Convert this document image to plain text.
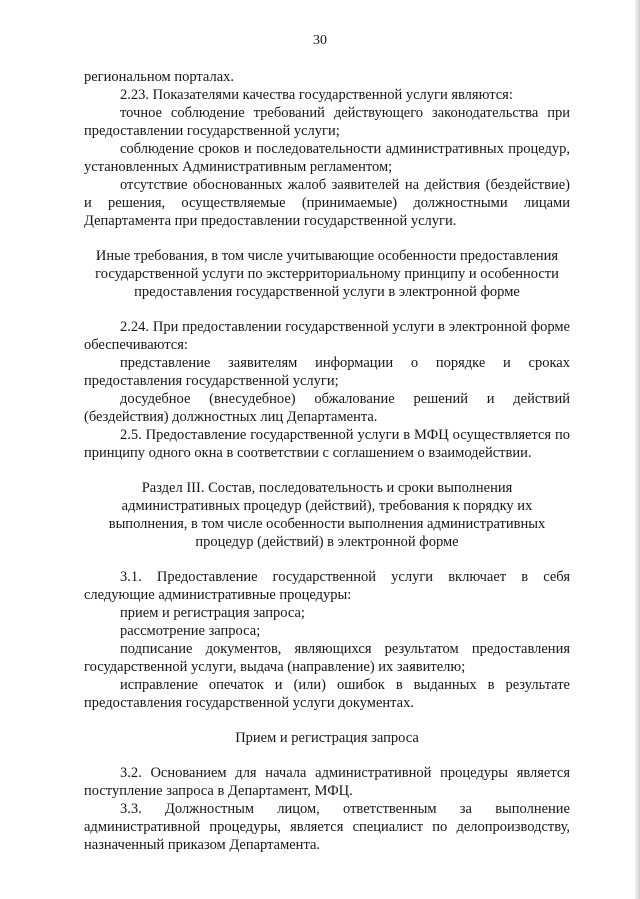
30

региональном порталах.

2.23. Показателями качества государственной услуги являются:

точное соблюдение требований действующего законодательства при предоставлении государственной услуги;

соблюдение сроков и последовательности административных процедур, установленных Административным регламентом;

отсутствие обоснованных жалоб заявителей на действия (бездействие) и решения, осуществляемые (принимаемые) должностными лицами Департамента при предоставлении государственной услуги.

Иные требования, в том числе учитывающие особенности предоставления государственной услуги по экстерриториальному принципу и особенности предоставления государственной услуги в электронной форме

2.24. При предоставлении государственной услуги в электронной форме обеспечиваются:

представление заявителям информации о порядке и сроках предоставления государственной услуги;

досудебное (внесудебное) обжалование решений и действий (бездействия) должностных лиц Департамента.

2.5. Предоставление государственной услуги в МФЦ осуществляется по принципу одного окна в соответствии с соглашением о взаимодействии.

Раздел III. Состав, последовательность и сроки выполнения административных процедур (действий), требования к порядку их выполнения, в том числе особенности выполнения административных процедур (действий) в электронной форме

3.1. Предоставление государственной услуги включает в себя следующие административные процедуры:

прием и регистрация запроса;

рассмотрение запроса;

подписание документов, являющихся результатом предоставления государственной услуги, выдача (направление) их заявителю;

исправление опечаток и (или) ошибок в выданных в результате предоставления государственной услуги документах.

Прием и регистрация запроса

3.2. Основанием для начала административной процедуры является поступление запроса в Департамент, МФЦ.

3.3. Должностным лицом, ответственным за выполнение административной процедуры, является специалист по делопроизводству, назначенный приказом Департамента.
